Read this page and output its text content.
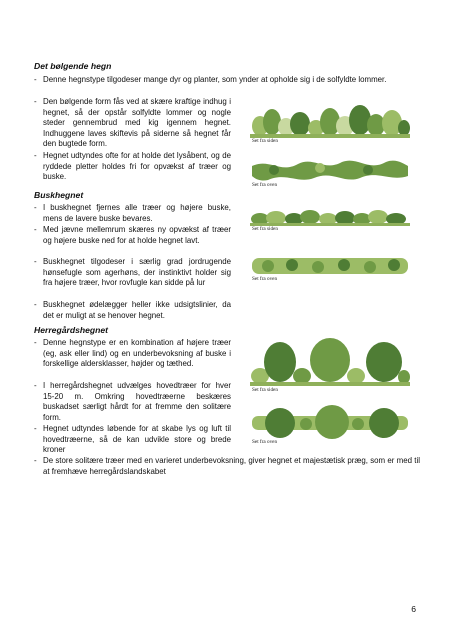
Det bølgende hegn
- Denne hegnstype tilgodeser mange dyr og planter, som ynder at opholde sig i de solfyldte lommer.
- Den bølgende form fås ved at skære kraftige indhug i hegnet, så der opstår solfyldte lommer og nogle steder gennembrud med kig igennem hegnet. Indhuggene laves skiftevis på siderne så hegnet får den bugtede form.
- Hegnet udtyndes ofte for at holde det lysåbent, og de ryddede pletter holdes fri for opvækst af træer og buske.
Set fra siden
Set fra oven
Buskhegnet
- I buskhegnet fjernes alle træer og højere buske, mens de lavere buske bevares.
- Med jævne mellemrum skæres ny opvækst af træer og højere buske ned for at holde hegnet lavt.
- Buskhegnet tilgodeser i særlig grad jordrugende hønsefugle som agerhøns, der instinktivt holder sig fra højere træer, hvor rovfugle kan sidde på lur
- Buskhegnet ødelægger heller ikke udsigtslinier, da det er muligt at se henover hegnet.
Set fra siden
Set fra oven
Herregårdshegnet
- Denne hegnstype er en kombination af højere træer (eg, ask eller lind) og en underbevoksning af buske i forskellige aldersklasser, højder og tæthed.
- I herregårdshegnet udvælges hovedtræer for hver 15-20 m. Omkring hovedtræerne beskæres buskadset særligt hårdt for at fremme den solitære form.
- Hegnet udtyndes løbende for at skabe lys og luft til hovedtræerne, så de kan udvikle store og brede kroner
- De store solitære træer med en varieret underbevoksning, giver hegnet et majestætisk præg, som er med til at fremhæve herregårdslandskabet
Set fra siden
Set fra oven
6
